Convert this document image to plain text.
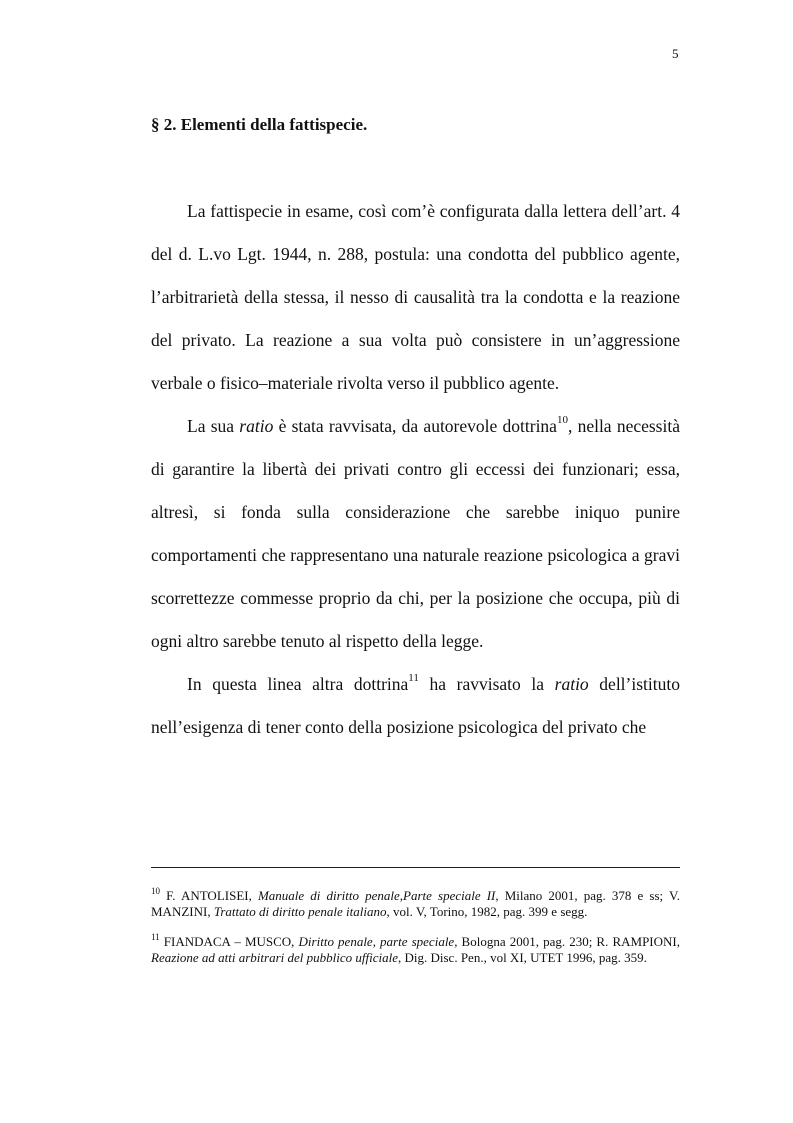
5
§ 2. Elementi della fattispecie.

La fattispecie in esame, così com’è configurata dalla lettera dell’art. 4 del d. L.vo Lgt. 1944, n. 288, postula: una condotta del pubblico agente, l’arbitrarietà della stessa, il nesso di causalità tra la condotta e la reazione del privato. La reazione a sua volta può consistere in un’aggressione verbale o fisico–materiale rivolta verso il pubblico agente.

La sua ratio è stata ravvisata, da autorevole dottrina$^{10}$, nella necessità di garantire la libertà dei privati contro gli eccessi dei funzionari; essa, altresì, si fonda sulla considerazione che sarebbe iniquo punire comportamenti che rappresentano una naturale reazione psicologica a gravi scorrettezze commesse proprio da chi, per la posizione che occupa, più di ogni altro sarebbe tenuto al rispetto della legge.

In questa linea altra dottrina$^{11}$ ha ravvisato la ratio dell’istituto nell’esigenza di tener conto della posizione psicologica del privato che

$^{10}$ F. ANTOLISEI, Manuale di diritto penale,Parte speciale II, Milano 2001, pag. 378 e ss; V. MANZINI, Trattato di diritto penale italiano, vol. V, Torino, 1982, pag. 399 e segg.

$^{11}$ FIANDACA – MUSCO, Diritto penale, parte speciale, Bologna 2001, pag. 230; R. RAMPIONI, Reazione ad atti arbitrari del pubblico ufficiale, Dig. Disc. Pen., vol XI, UTET 1996, pag. 359.
